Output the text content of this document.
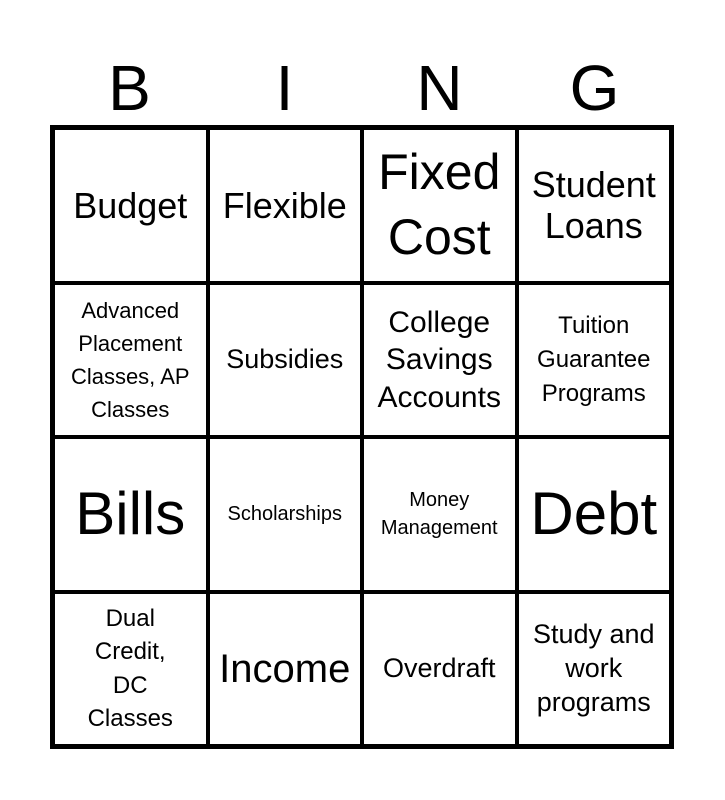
B	I	N	G
Budget Flexible
Fixed Cost
Student Loans
Advanced Placement Classes, AP Classes
Subsidies
College Savings Accounts
Tuition Guarantee Programs
Bills	Scholarships
Money Management Debt
Dual Credit, DC Classes
Income	Overdraft
Study and work programs
